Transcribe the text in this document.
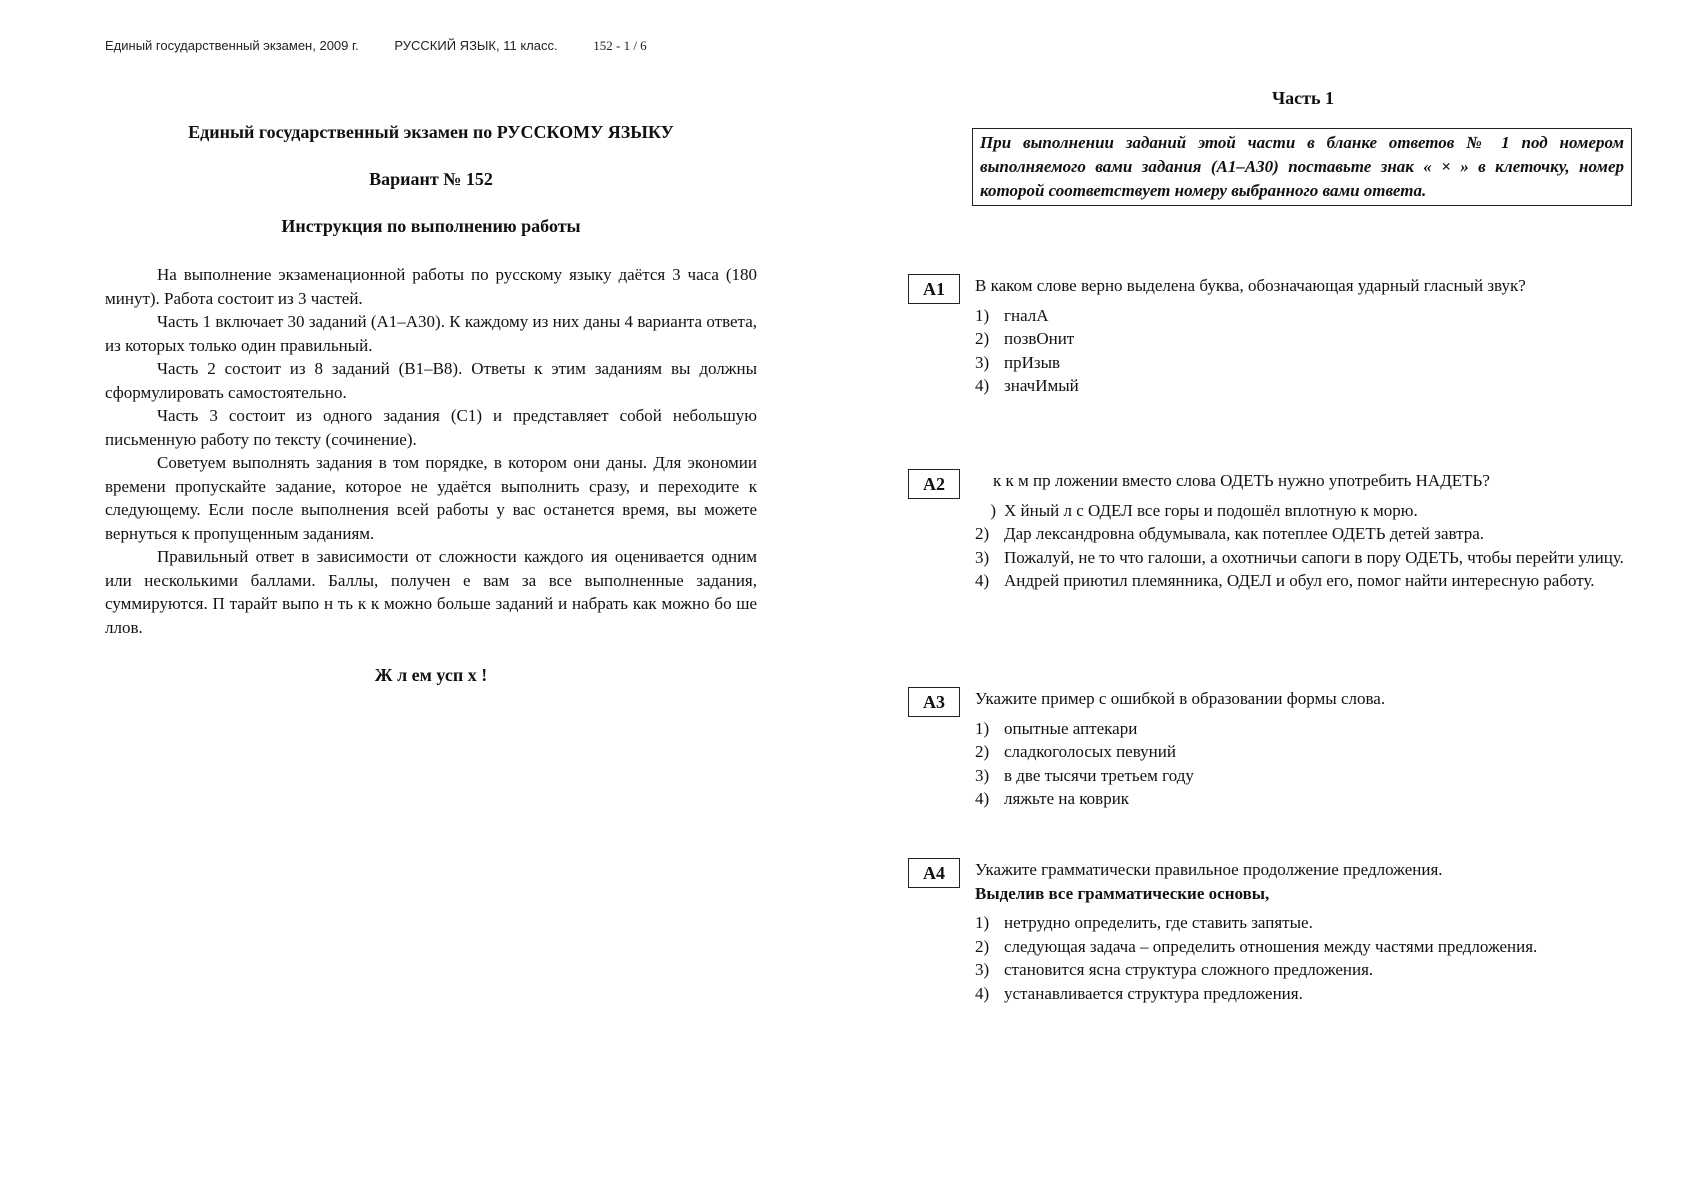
Единый государственный экзамен, 2009 г.	РУССКИЙ ЯЗЫК, 11 класс.	152 - 1 / 6
Единый государственный экзамен по РУССКОМУ ЯЗЫКУ
Вариант № 152
Инструкция по выполнению работы

На выполнение экзаменационной работы по русскому языку даётся 3 часа (180 минут). Работа состоит из 3 частей.

Часть 1 включает 30 заданий (А1–А30). К каждому из них даны 4 варианта ответа, из которых только один правильный.

Часть 2 состоит из 8 заданий (В1–В8). Ответы к этим заданиям вы должны сформулировать самостоятельно.

Часть 3 состоит из одного задания (С1) и представляет собой небольшую письменную работу по тексту (сочинение).

Советуем выполнять задания в том порядке, в котором они даны. Для экономии времени пропускайте задание, которое не удаётся выполнить сразу, и переходите к следующему. Если после выполнения всей работы у вас останется время, вы можете вернуться к пропущенным заданиям.

Правильный ответ в зависимости от сложности каждого ия оценивается одним или несколькими баллами. Баллы, получен е вам за все выполненные задания, суммируются. П тарайт выпо н ть к к можно больше заданий и набрать как можно бо ше ллов.

Ж л ем усп х !
Часть 1
При выполнении заданий этой части в бланке ответов № 1 под номером выполняемого вами задания (А1–А30) поставьте знак « × » в клеточку, номер которой соответствует номеру выбранного вами ответа.
А1	В каком слове верно выделена буква, обозначающая ударный гласный звук?
1) гналА
2) позвОнит
3) прИзыв
4) значИмый
А2	к к м пр ложении вместо слова ОДЕТЬ нужно употребить НАДЕТЬ?
) Х йный л с ОДЕЛ все горы и подошёл вплотную к морю.
2) Дар лександровна обдумывала, как потеплее ОДЕТЬ детей завтра.
3) Пожалуй, не то что галоши, а охотничьи сапоги в пору ОДЕТЬ, чтобы перейти улицу.
4) Андрей приютил племянника, ОДЕЛ и обул его, помог найти интересную работу.
А3	Укажите пример с ошибкой в образовании формы слова.
1) опытные аптекари
2) сладкоголосых певуний
3) в две тысячи третьем году
4) ляжьте на коврик
А4	Укажите грамматически правильное продолжение предложения.
Выделив все грамматические основы,
1) нетрудно определить, где ставить запятые.
2) следующая задача – определить отношения между частями предложения.
3) становится ясна структура сложного предложения.
4) устанавливается структура предложения.
